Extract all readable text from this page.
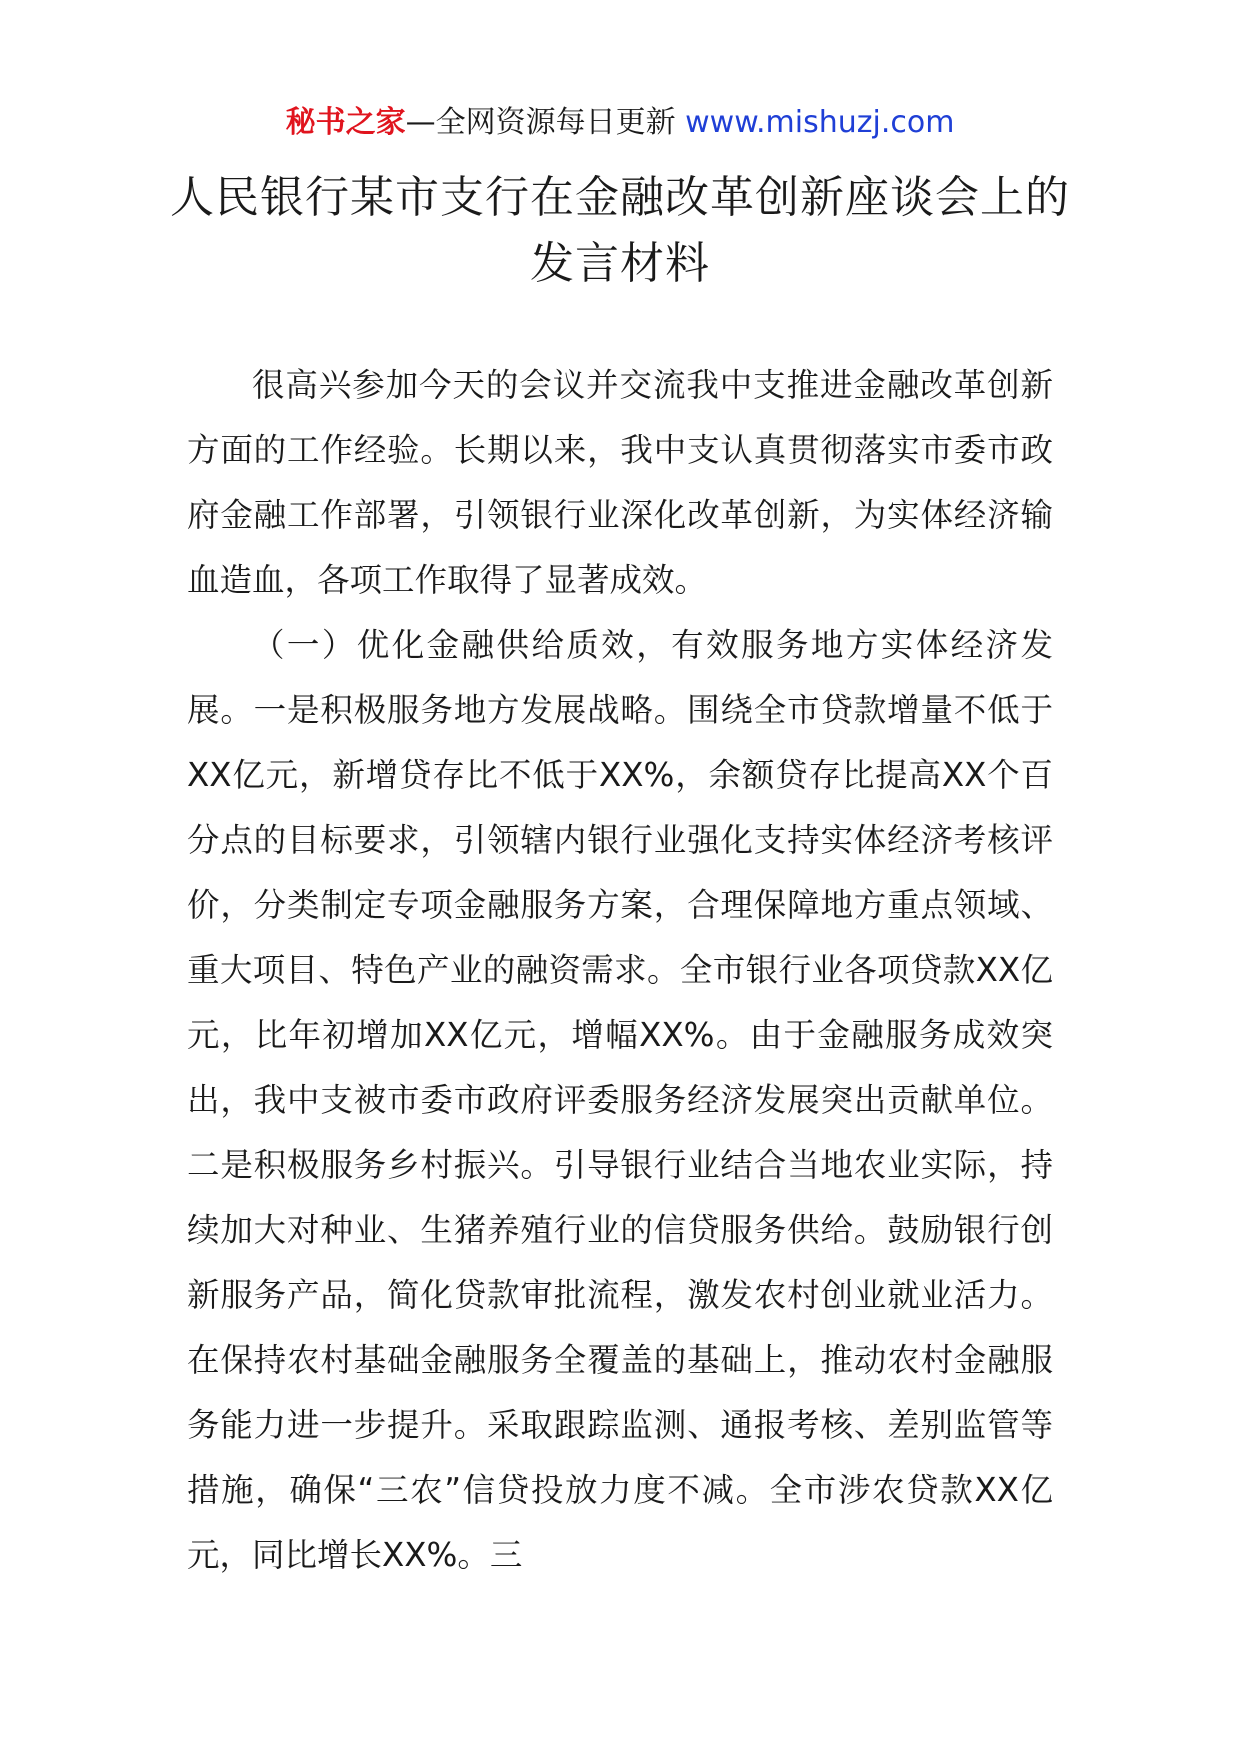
秘书之家—全网资源每日更新 www.mishuzj.com
人民银行某市支行在金融改革创新座谈会上的发言材料

很高兴参加今天的会议并交流我中支推进金融改革创新方面的工作经验。长期以来，我中支认真贯彻落实市委市政府金融工作部署，引领银行业深化改革创新，为实体经济输血造血，各项工作取得了显著成效。

（一）优化金融供给质效，有效服务地方实体经济发展。一是积极服务地方发展战略。围绕全市贷款增量不低于XX亿元，新增贷存比不低于XX%，余额贷存比提高XX个百分点的目标要求，引领辖内银行业强化支持实体经济考核评价，分类制定专项金融服务方案，合理保障地方重点领域、重大项目、特色产业的融资需求。全市银行业各项贷款XX亿元，比年初增加XX亿元，增幅XX%。由于金融服务成效突出，我中支被市委市政府评委服务经济发展突出贡献单位。二是积极服务乡村振兴。引导银行业结合当地农业实际，持续加大对种业、生猪养殖行业的信贷服务供给。鼓励银行创新服务产品，简化贷款审批流程，激发农村创业就业活力。在保持农村基础金融服务全覆盖的基础上，推动农村金融服务能力进一步提升。采取跟踪监测、通报考核、差别监管等措施，确保“三农”信贷投放力度不减。全市涉农贷款XX亿元，同比增长XX%。三
